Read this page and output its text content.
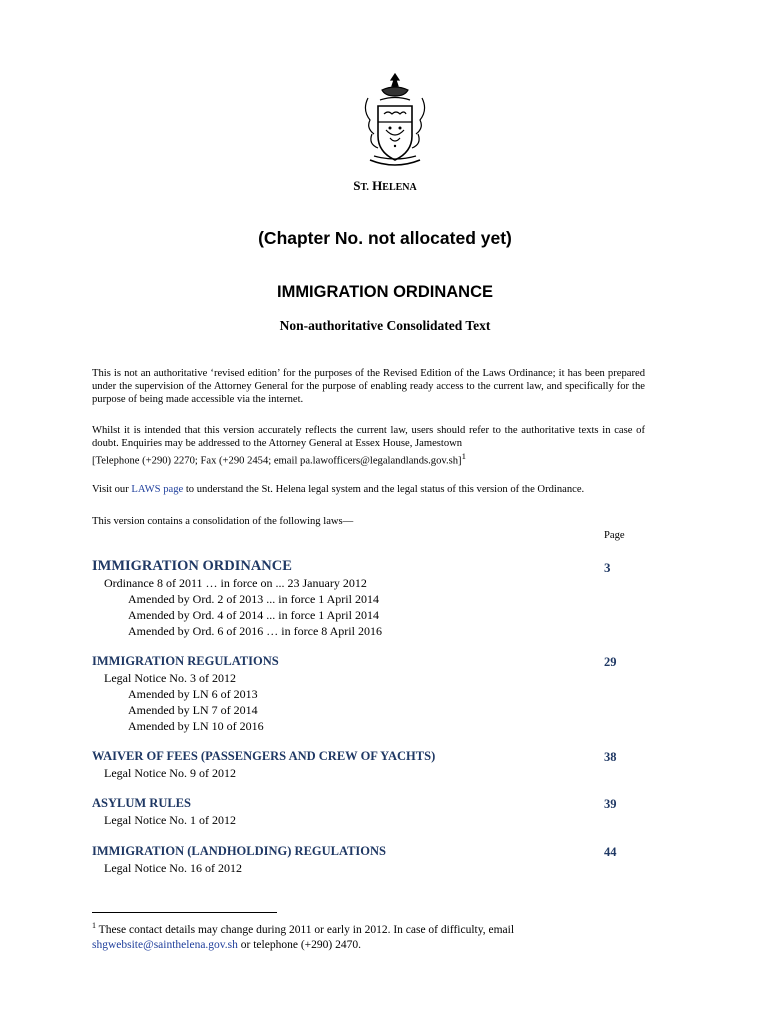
ST. HELENA
(Chapter No. not allocated yet)
IMMIGRATION ORDINANCE
Non-authoritative Consolidated Text
This is not an authoritative ‘revised edition’ for the purposes of the Revised Edition of the Laws Ordinance; it has been prepared under the supervision of the Attorney General for the purpose of enabling ready access to the current law, and specifically for the purpose of being made accessible via the internet.
Whilst it is intended that this version accurately reflects the current law, users should refer to the authoritative texts in case of doubt. Enquiries may be addressed to the Attorney General at Essex House, Jamestown
[Telephone (+290) 2270; Fax (+290 2454; email pa.lawofficers@legalandlands.gov.sh]$^1$
Visit our LAWS page to understand the St. Helena legal system and the legal status of this version of the Ordinance.
This version contains a consolidation of the following laws—
Page
IMMIGRATION ORDINANCE
Ordinance 8 of 2011 … in force on ... 23 January 2012
Amended by Ord. 2 of 2013 ... in force 1 April 2014
Amended by Ord. 4 of 2014 ... in force 1 April 2014
Amended by Ord. 6 of 2016 … in force 8 April 2016
3
IMMIGRATION REGULATIONS
Legal Notice No. 3 of 2012
Amended by LN 6 of 2013
Amended by LN 7 of 2014
Amended by LN 10 of 2016
29
WAIVER OF FEES (PASSENGERS AND CREW OF YACHTS)
Legal Notice No. 9 of 2012
38
ASYLUM RULES
Legal Notice No. 1 of 2012
39
IMMIGRATION (LANDHOLDING) REGULATIONS
Legal Notice No. 16 of 2012
44
$^1$ These contact details may change during 2011 or early in 2012. In case of difficulty, email
shgwebsite@sainthelena.gov.sh or telephone (+290) 2470.
